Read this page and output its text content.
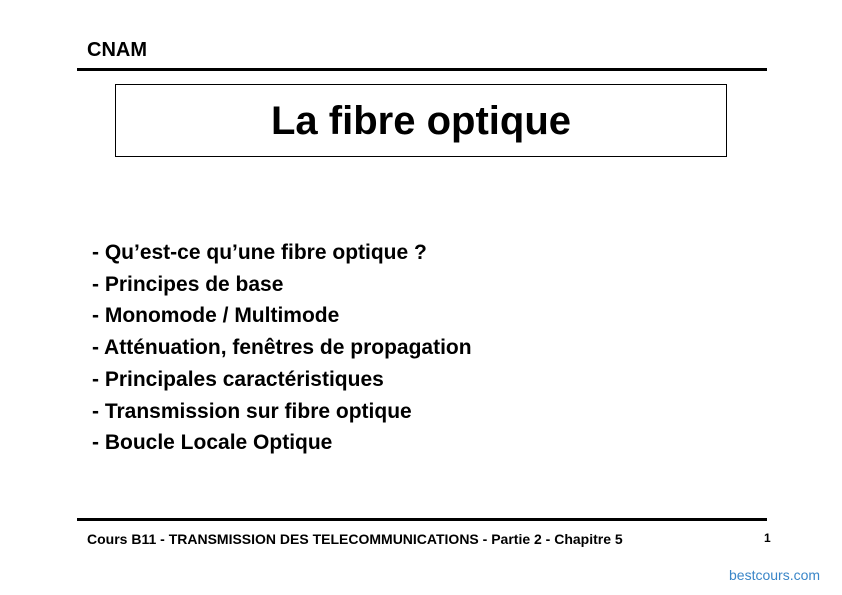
CNAM
La fibre optique
- Qu’est-ce qu’une fibre optique ?
- Principes de base
- Monomode / Multimode
- Atténuation, fenêtres de propagation
- Principales caractéristiques
- Transmission sur fibre optique
- Boucle Locale Optique
Cours B11 - TRANSMISSION DES TELECOMMUNICATIONS - Partie 2 - Chapitre 5	1
bestcours.com
